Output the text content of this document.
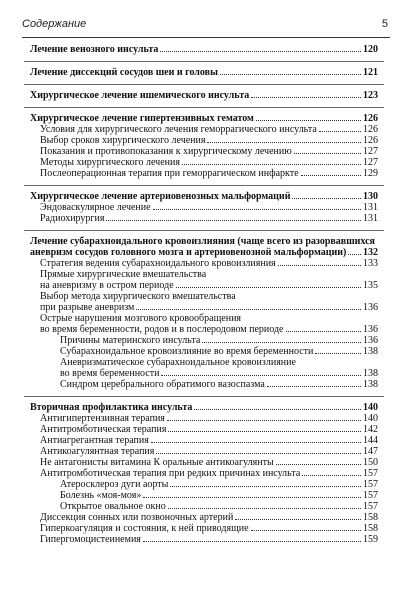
Содержание	5
Лечение венозного инсульта	120
Лечение диссекций сосудов шеи и головы	121
Хирургическое лечение ишемического инсульта	123
Хирургическое лечение гипертензивных гематом	126
Условия для хирургического лечения геморрагического инсульта	126
Выбор сроков хирургического лечения	126
Показания и противопоказания к хирургическому лечению	127
Методы хирургического лечения	127
Послеоперационная терапия при геморрагическом инфаркте	129
Хирургическое лечение артериовенозных мальформаций	130
Эндоваскулярное лечение	131
Радиохирургия	131
Лечение субарахноидального кровоизлияния (чаще всего из разорвавшихся
аневризм сосудов головного мозга и артериовенозной мальформации) 132
Стратегия ведения субарахноидального кровоизлияния	133
Прямые хирургические вмешательства
на аневризму в остром периоде	135
Выбор метода хирургического вмешательства
при разрыве аневризм	136
Острые нарушения мозгового кровообращения
во время беременности, родов и в послеродовом периоде	136
Причины материнского инсульта	136
Субарахноидальное кровоизлияние во время беременности	138
Аневризматическое субарахноидальное кровоизлияние
во время беременности	138
Синдром церебрального обратимого вазоспазма	138
Вторичная профилактика инсульта	140
Антигипертензивная терапия	140
Антитромботическая терапия	142
Антиагрегантная терапия	144
Антикоагулянтная терапия	147
Не антагонисты витамина К оральные антикоагулянты	150
Антитромботическая терапия при редких причинах инсульта	157
Атеросклероз дуги аорты	157
Болезнь «моя-моя»	157
Открытое овальное окно	157
Диссекция сонных или позвоночных артерий	158
Гиперкоагуляция и состояния, к ней приводящие	158
Гипергомоцистеинемия	159
